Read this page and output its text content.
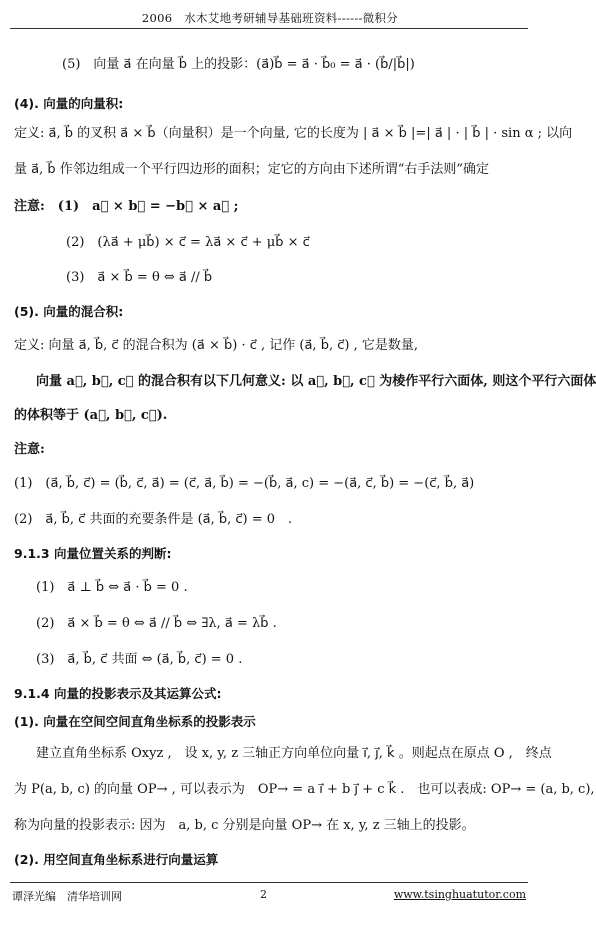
2006　水木艾地考研辅导基础班资料------微积分
(5)　向量 a⃗ 在向量 b⃗ 上的投影：(a⃗)b⃗ = a⃗ · b⃗₀ = a⃗ · (b⃗/|b⃗|)
(4). 向量的向量积:
定义: a⃗, b⃗ 的叉积 a⃗ × b⃗（向量积）是一个向量, 它的长度为 | a⃗ × b⃗ |=| a⃗ | · | b⃗ | · sin α ; 以向
量 a⃗, b⃗ 作邻边组成一个平行四边形的面积；定它的方向由下述所谓“右手法则”确定
注意:　(1)　a⃗ × b⃗ = −b⃗ × a⃗ ;
(2)　(λa⃗ + μb⃗) × c⃗ = λa⃗ × c⃗ + μb⃗ × c⃗
(3)　a⃗ × b⃗ = θ ⇔ a⃗ // b⃗
(5). 向量的混合积:
定义: 向量 a⃗, b⃗, c⃗ 的混合积为 (a⃗ × b⃗) · c⃗ , 记作 (a⃗, b⃗, c⃗) , 它是数量,
向量 a⃗, b⃗, c⃗ 的混合积有以下几何意义: 以 a⃗, b⃗, c⃗ 为棱作平行六面体, 则这个平行六面体
的体积等于 (a⃗, b⃗, c⃗).
注意:
(1)　(a⃗, b⃗, c⃗) = (b⃗, c⃗, a⃗) = (c⃗, a⃗, b⃗) = −(b⃗, a⃗, c) = −(a⃗, c⃗, b⃗) = −(c⃗, b⃗, a⃗)
(2)　a⃗, b⃗, c⃗ 共面的充要条件是 (a⃗, b⃗, c⃗) = 0　.
9.1.3 向量位置关系的判断:
(1)　a⃗ ⊥ b⃗ ⇔ a⃗ · b⃗ = 0 .
(2)　a⃗ × b⃗ = θ ⇔ a⃗ // b⃗ ⇔ ∃λ, a⃗ = λb⃗ .
(3)　a⃗, b⃗, c⃗ 共面 ⇔ (a⃗, b⃗, c⃗) = 0 .
9.1.4 向量的投影表示及其运算公式:
(1). 向量在空间空间直角坐标系的投影表示
建立直角坐标系 Oxyz ,　设 x, y, z 三轴正方向单位向量 i⃗, j⃗, k⃗ 。则起点在原点 O ,　终点
为 P(a, b, c) 的向量 OP→ , 可以表示为　OP→ = a i⃗ + b j⃗ + c k⃗ .　也可以表成: OP→ = (a, b, c),
称为向量的投影表示: 因为　a, b, c 分别是向量 OP→ 在 x, y, z 三轴上的投影。
(2). 用空间直角坐标系进行向量运算
谭泽光编　清华培训网	2	www.tsinghuatutor.com
